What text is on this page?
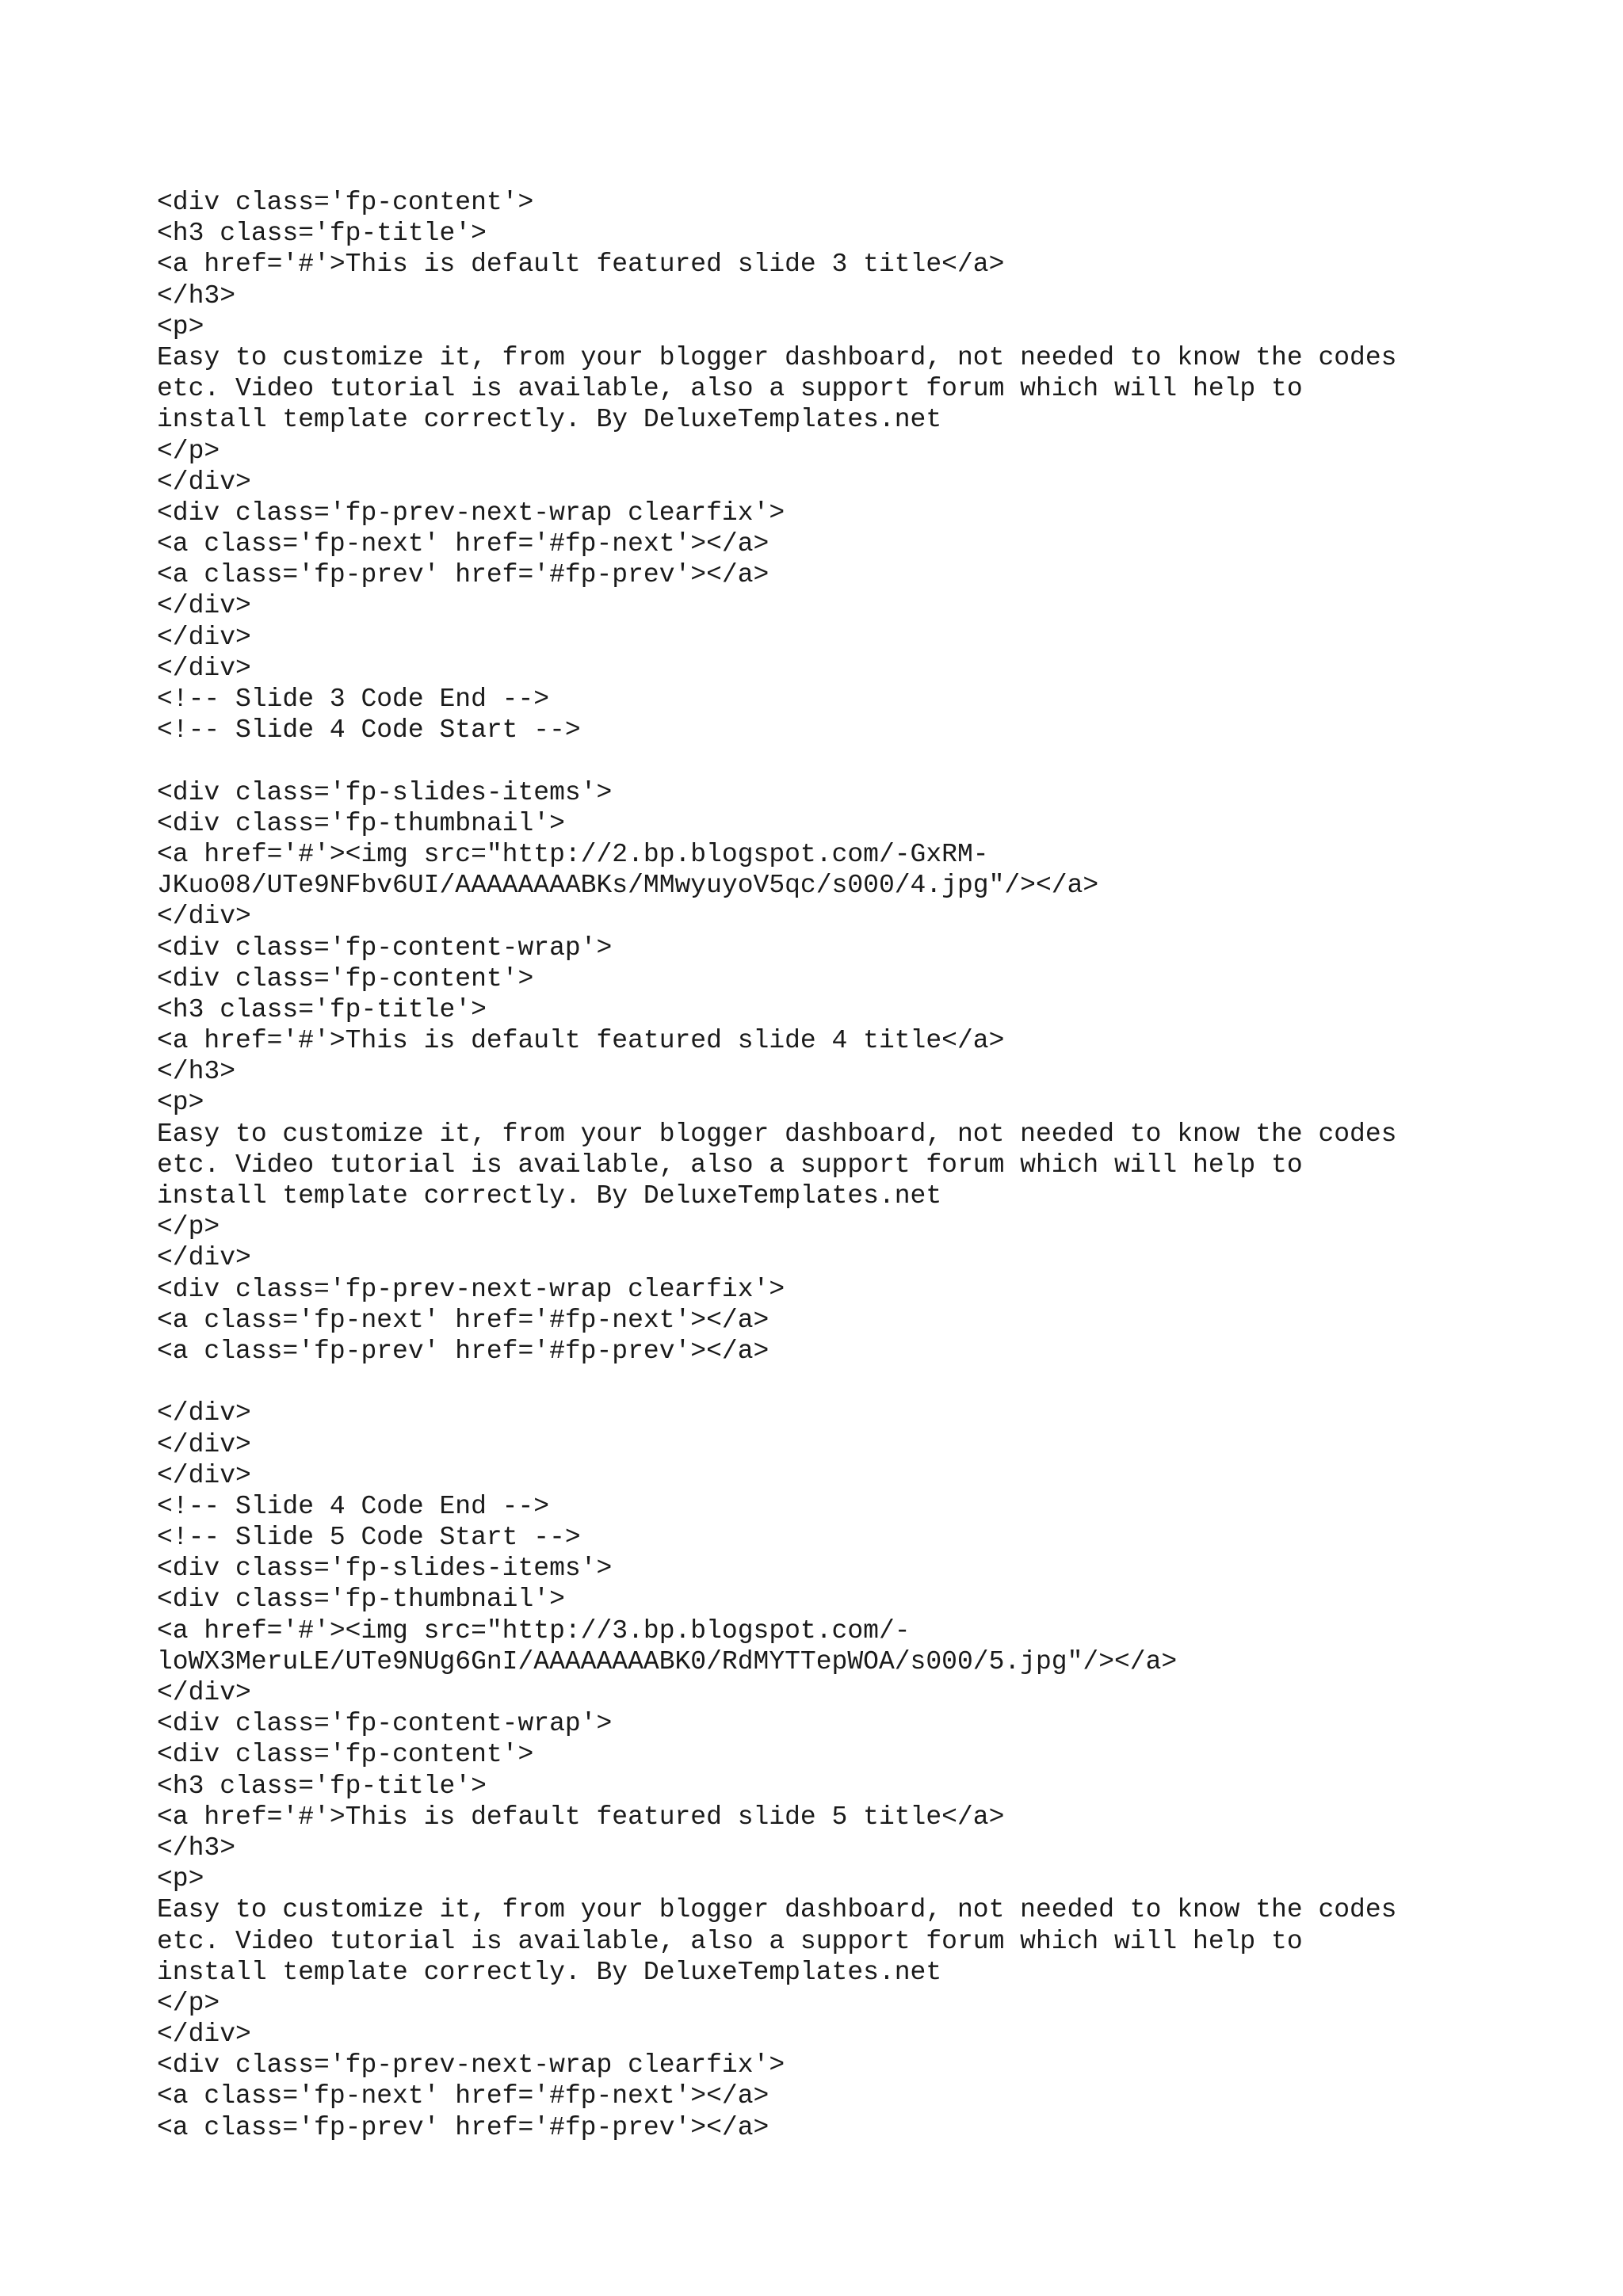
<div class='fp-content'>
<h3 class='fp-title'>
<a href='#'>This is default featured slide 3 title</a>
</h3>
<p>
Easy to customize it, from your blogger dashboard, not needed to know the codes
etc. Video tutorial is available, also a support forum which will help to
install template correctly. By DeluxeTemplates.net
</p>
</div>
<div class='fp-prev-next-wrap clearfix'>
<a class='fp-next' href='#fp-next'></a>
<a class='fp-prev' href='#fp-prev'></a>
</div>
</div>
</div>
<!-- Slide 3 Code End -->
<!-- Slide 4 Code Start -->
<div class='fp-slides-items'>
<div class='fp-thumbnail'>
<a href='#'><img src="http://2.bp.blogspot.com/-GxRM-
JKuo08/UTe9NFbv6UI/AAAAAAAABKs/MMwyuyoV5qc/s000/4.jpg"/></a>
</div>
<div class='fp-content-wrap'>
<div class='fp-content'>
<h3 class='fp-title'>
<a href='#'>This is default featured slide 4 title</a>
</h3>
<p>
Easy to customize it, from your blogger dashboard, not needed to know the codes
etc. Video tutorial is available, also a support forum which will help to
install template correctly. By DeluxeTemplates.net
</p>
</div>
<div class='fp-prev-next-wrap clearfix'>
<a class='fp-next' href='#fp-next'></a>
<a class='fp-prev' href='#fp-prev'></a>
</div>
</div>
</div>
<!-- Slide 4 Code End -->
<!-- Slide 5 Code Start -->
<div class='fp-slides-items'>
<div class='fp-thumbnail'>
<a href='#'><img src="http://3.bp.blogspot.com/-
loWX3MeruLE/UTe9NUg6GnI/AAAAAAAABK0/RdMYTTepWOA/s000/5.jpg"/></a>
</div>
<div class='fp-content-wrap'>
<div class='fp-content'>
<h3 class='fp-title'>
<a href='#'>This is default featured slide 5 title</a>
</h3>
<p>
Easy to customize it, from your blogger dashboard, not needed to know the codes
etc. Video tutorial is available, also a support forum which will help to
install template correctly. By DeluxeTemplates.net
</p>
</div>
<div class='fp-prev-next-wrap clearfix'>
<a class='fp-next' href='#fp-next'></a>
<a class='fp-prev' href='#fp-prev'></a>
